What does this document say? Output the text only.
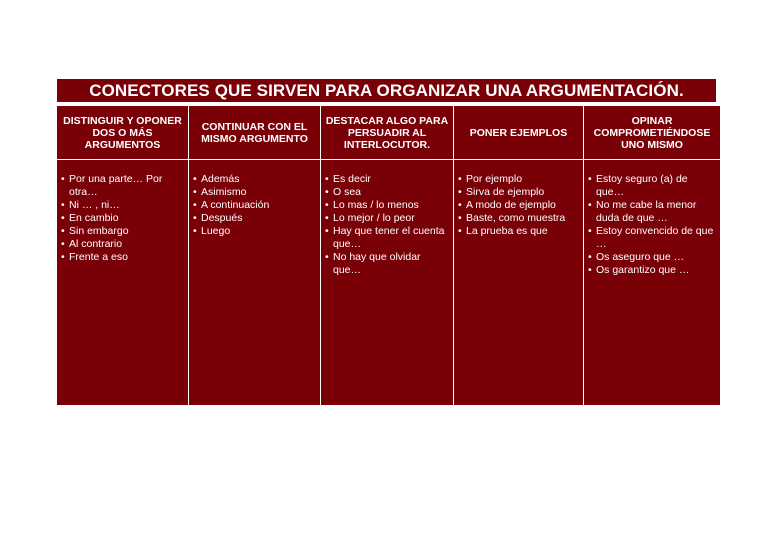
CONECTORES QUE SIRVEN PARA ORGANIZAR UNA ARGUMENTACIÓN.
DISTINGUIR Y OPONER DOS O MÁS ARGUMENTOS
CONTINUAR CON EL MISMO ARGUMENTO
DESTACAR ALGO PARA PERSUADIR AL INTERLOCUTOR.
PONER EJEMPLOS
OPINAR COMPROMETIÉNDOSE UNO MISMO
• Por una parte… Por otra…
• Ni … , ni…
• En cambio
• Sin embargo
• Al contrario
• Frente a eso
• Además
• Asimismo
• A continuación
• Después
• Luego
• Es decir
• O sea
• Lo mas / lo menos
• Lo mejor / lo peor
• Hay que tener el cuenta que…
• No hay que olvidar que…
• Por ejemplo
• Sirva de ejemplo
• A modo de ejemplo
• Baste, como muestra
• La prueba es que
• Estoy seguro (a) de que…
• No me cabe la menor duda de que …
• Estoy convencido de que …
• Os aseguro que …
• Os garantizo que …
